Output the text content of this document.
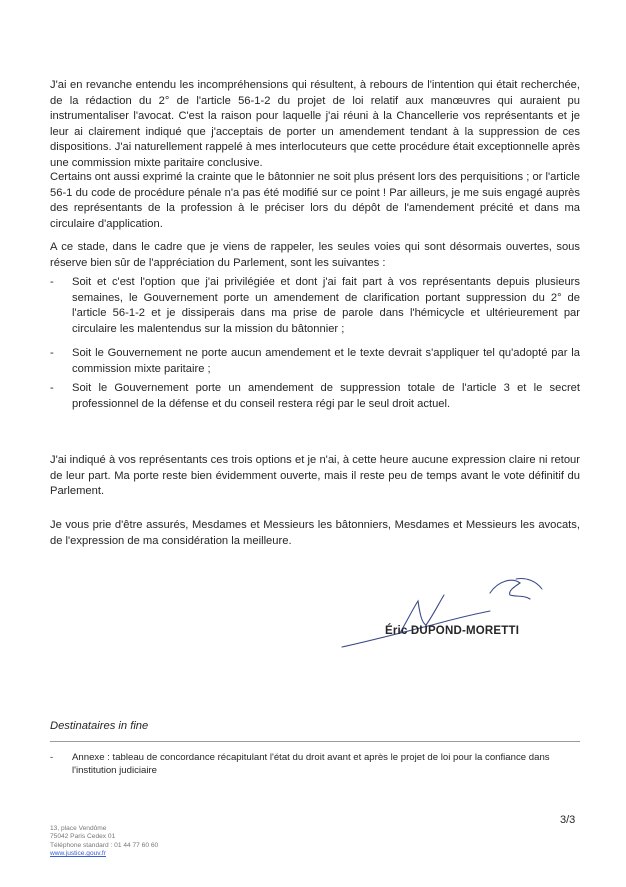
J'ai en revanche entendu les incompréhensions qui résultent, à rebours de l'intention qui était recherchée, de la rédaction du 2° de l'article 56-1-2 du projet de loi relatif aux manœuvres qui auraient pu instrumentaliser l'avocat. C'est la raison pour laquelle j'ai réuni à la Chancellerie vos représentants et je leur ai clairement indiqué que j'acceptais de porter un amendement tendant à la suppression de ces dispositions. J'ai naturellement rappelé à mes interlocuteurs que cette procédure était exceptionnelle après une commission mixte paritaire conclusive.

Certains ont aussi exprimé la crainte que le bâtonnier ne soit plus présent lors des perquisitions ; or l'article 56-1 du code de procédure pénale n'a pas été modifié sur ce point ! Par ailleurs, je me suis engagé auprès des représentants de la profession à le préciser lors du dépôt de l'amendement précité et dans ma circulaire d'application.

A ce stade, dans le cadre que je viens de rappeler, les seules voies qui sont désormais ouvertes, sous réserve bien sûr de l'appréciation du Parlement, sont les suivantes :

- Soit et c'est l'option que j'ai privilégiée et dont j'ai fait part à vos représentants depuis plusieurs semaines, le Gouvernement porte un amendement de clarification portant suppression du 2° de l'article 56-1-2 et je dissiperais dans ma prise de parole dans l'hémicycle et ultérieurement par circulaire les malentendus sur la mission du bâtonnier ;
- Soit le Gouvernement ne porte aucun amendement et le texte devrait s'appliquer tel qu'adopté par la commission mixte paritaire ;
- Soit le Gouvernement porte un amendement de suppression totale de l'article 3 et le secret professionnel de la défense et du conseil restera régi par le seul droit actuel.

J'ai indiqué à vos représentants ces trois options et je n'ai, à cette heure aucune expression claire ni retour de leur part. Ma porte reste bien évidemment ouverte, mais il reste peu de temps avant le vote définitif du Parlement.

Je vous prie d'être assurés, Mesdames et Messieurs les bâtonniers, Mesdames et Messieurs les avocats, de l'expression de ma considération la meilleure.

Éric DUPOND-MORETTI
Destinataires in fine
- Annexe : tableau de concordance récapitulant l'état du droit avant et après le projet de loi pour la confiance dans l'institution judiciaire
3/3
13, place Vendôme
75042 Paris Cedex 01
Téléphone standard : 01 44 77 60 60
www.justice.gouv.fr
